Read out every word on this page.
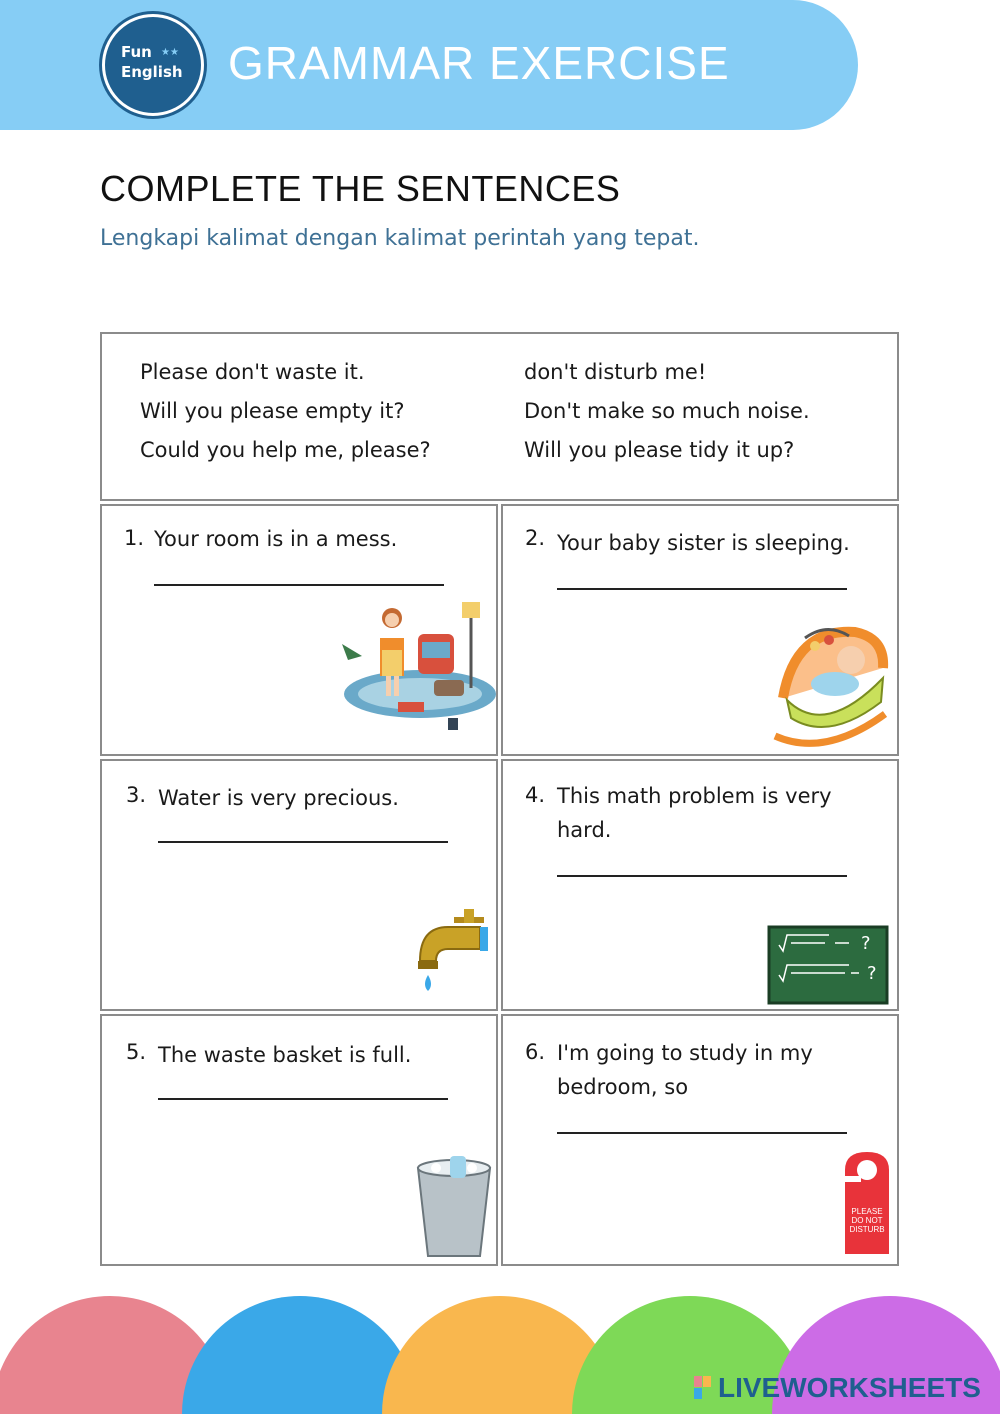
Fun ★★
English GRAMMAR EXERCISE
COMPLETE THE SENTENCES
Lengkapi kalimat dengan kalimat perintah yang tepat.
Please don't waste it.
Will you please empty it?
Could you help me, please?
don't disturb me!
Don't make so much noise.
Will you please tidy it up?
1. Your room is in a mess.	2. Your baby sister is sleeping.
3. Water is very precious.	4. This math problem is very hard.
?
?
5. The waste basket is full.	6. I'm going to study in my bedroom, so
PLEASE
DO NOT
DISTURB
LIVEWORKSHEETS
